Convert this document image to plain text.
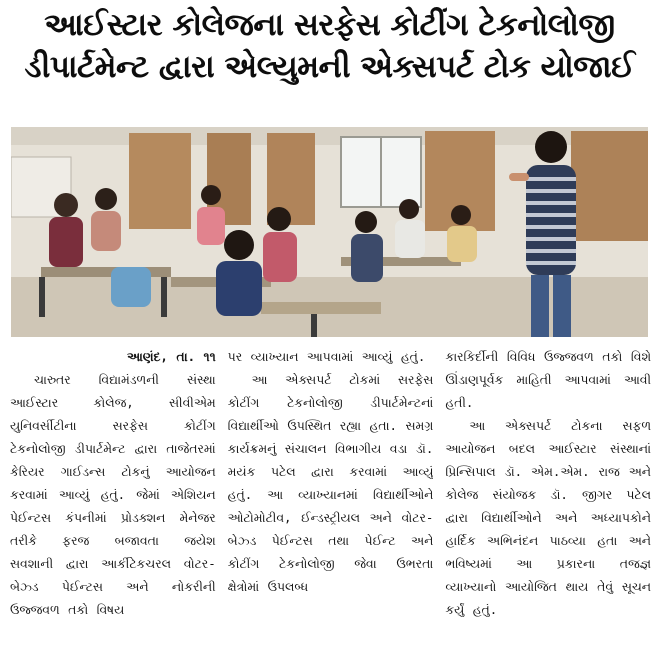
આઈસ્ટાર કોલેજના સરફેસ કોટીંગ ટેકનોલોજી
ડીપાર્ટમેન્ટ દ્વારા એલ્યુમની એક્સપર્ટ ટોક યોજાઈ

આણંદ, તા. ૧૧

ચારુતર વિદ્યામંડળની સંસ્થા આઈસ્ટાર કોલેજ, સીવીએમ યુનિવર્સીટીના સરફેસ કોટીંગ ટેકનોલોજી ડીપાર્ટમેન્ટ દ્વારા તાજેતરમાં કેરિયર ગાઈડન્સ ટોકનું આયોજન કરવામાં આવ્યું હતું. જેમાં એશિયન પેઈન્ટસ કંપનીમાં પ્રોડક્શન મેનેજર તરીકે ફરજ બજાવતા જયેશ સવશાની દ્વારા આર્કીટેકચરલ વોટર-બેઝ્ડ પેઈન્ટસ અને નોકરીની ઉજ્જવળ તકો વિષય

પર વ્યાખ્યાન આપવામાં આવ્યું હતું.

આ એક્સપર્ટ ટોકમાં સરફેસ કોટીંગ ટેકનોલોજી ડીપાર્ટમેન્ટનાં વિદ્યાર્થીઓ ઉપસ્થિત રહ્યા હતા. સમગ્ર કાર્યક્રમનું સંચાલન વિભાગીય વડા ડૉ. મયંક પટેલ દ્વારા કરવામાં આવ્યું હતું. આ વ્યાખ્યાનમાં વિદ્યાર્થીઓને ઓટોમોટીવ, ઈન્ડસ્ટ્રીયલ અને વોટર-બેઝ્ડ પેઈન્ટસ તથા પેઈન્ટ અને કોટીંગ ટેકનોલોજી જેવા ઉભરતા ક્ષેત્રોમાં ઉપલબ્ધ

કારકિર્દીની વિવિધ ઉજ્જવળ તકો વિશે ઊંડાણપૂર્વક માહિતી આપવામાં આવી હતી.

આ એક્સપર્ટ ટોકના સફળ આયોજન બદલ આઈસ્ટાર સંસ્થાનાં પ્રિન્સિપાલ ડૉ. એમ.એમ. રાજ અને કોલેજ સંયોજક ડૉ. જીગર પટેલ દ્વારા વિદ્યાર્થીઓને અને અધ્યાપકોને હાર્દિક અભિનંદન પાઠવ્યા હતા અને ભવિષ્યમાં આ પ્રકારના તજજ્ઞ વ્યાખ્યાનો આયોજિત થાય તેવું સૂચન કર્યું હતું.
